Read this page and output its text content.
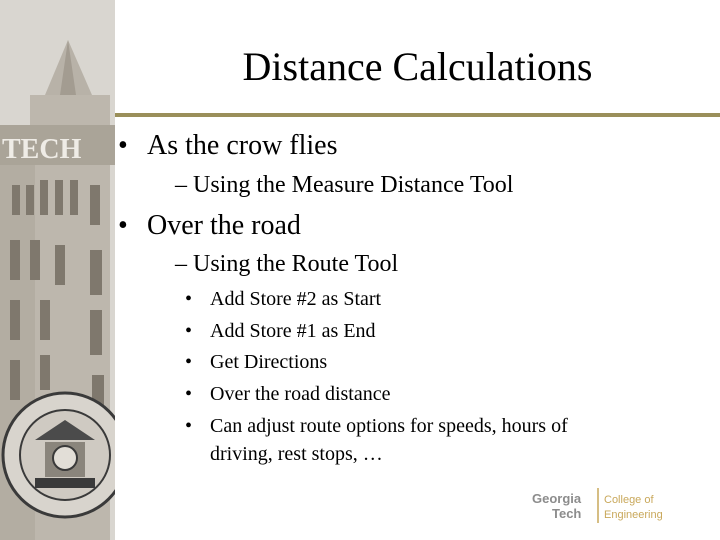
TECH
Distance Calculations
• As the crow flies
– Using the Measure Distance Tool
• Over the road
– Using the Route Tool
• Add Store #2 as Start
• Add Store #1 as End
• Get Directions
• Over the road distance
• Can adjust route options for speeds, hours of
driving, rest stops, …
Georgia
Tech
College of
Engineering
